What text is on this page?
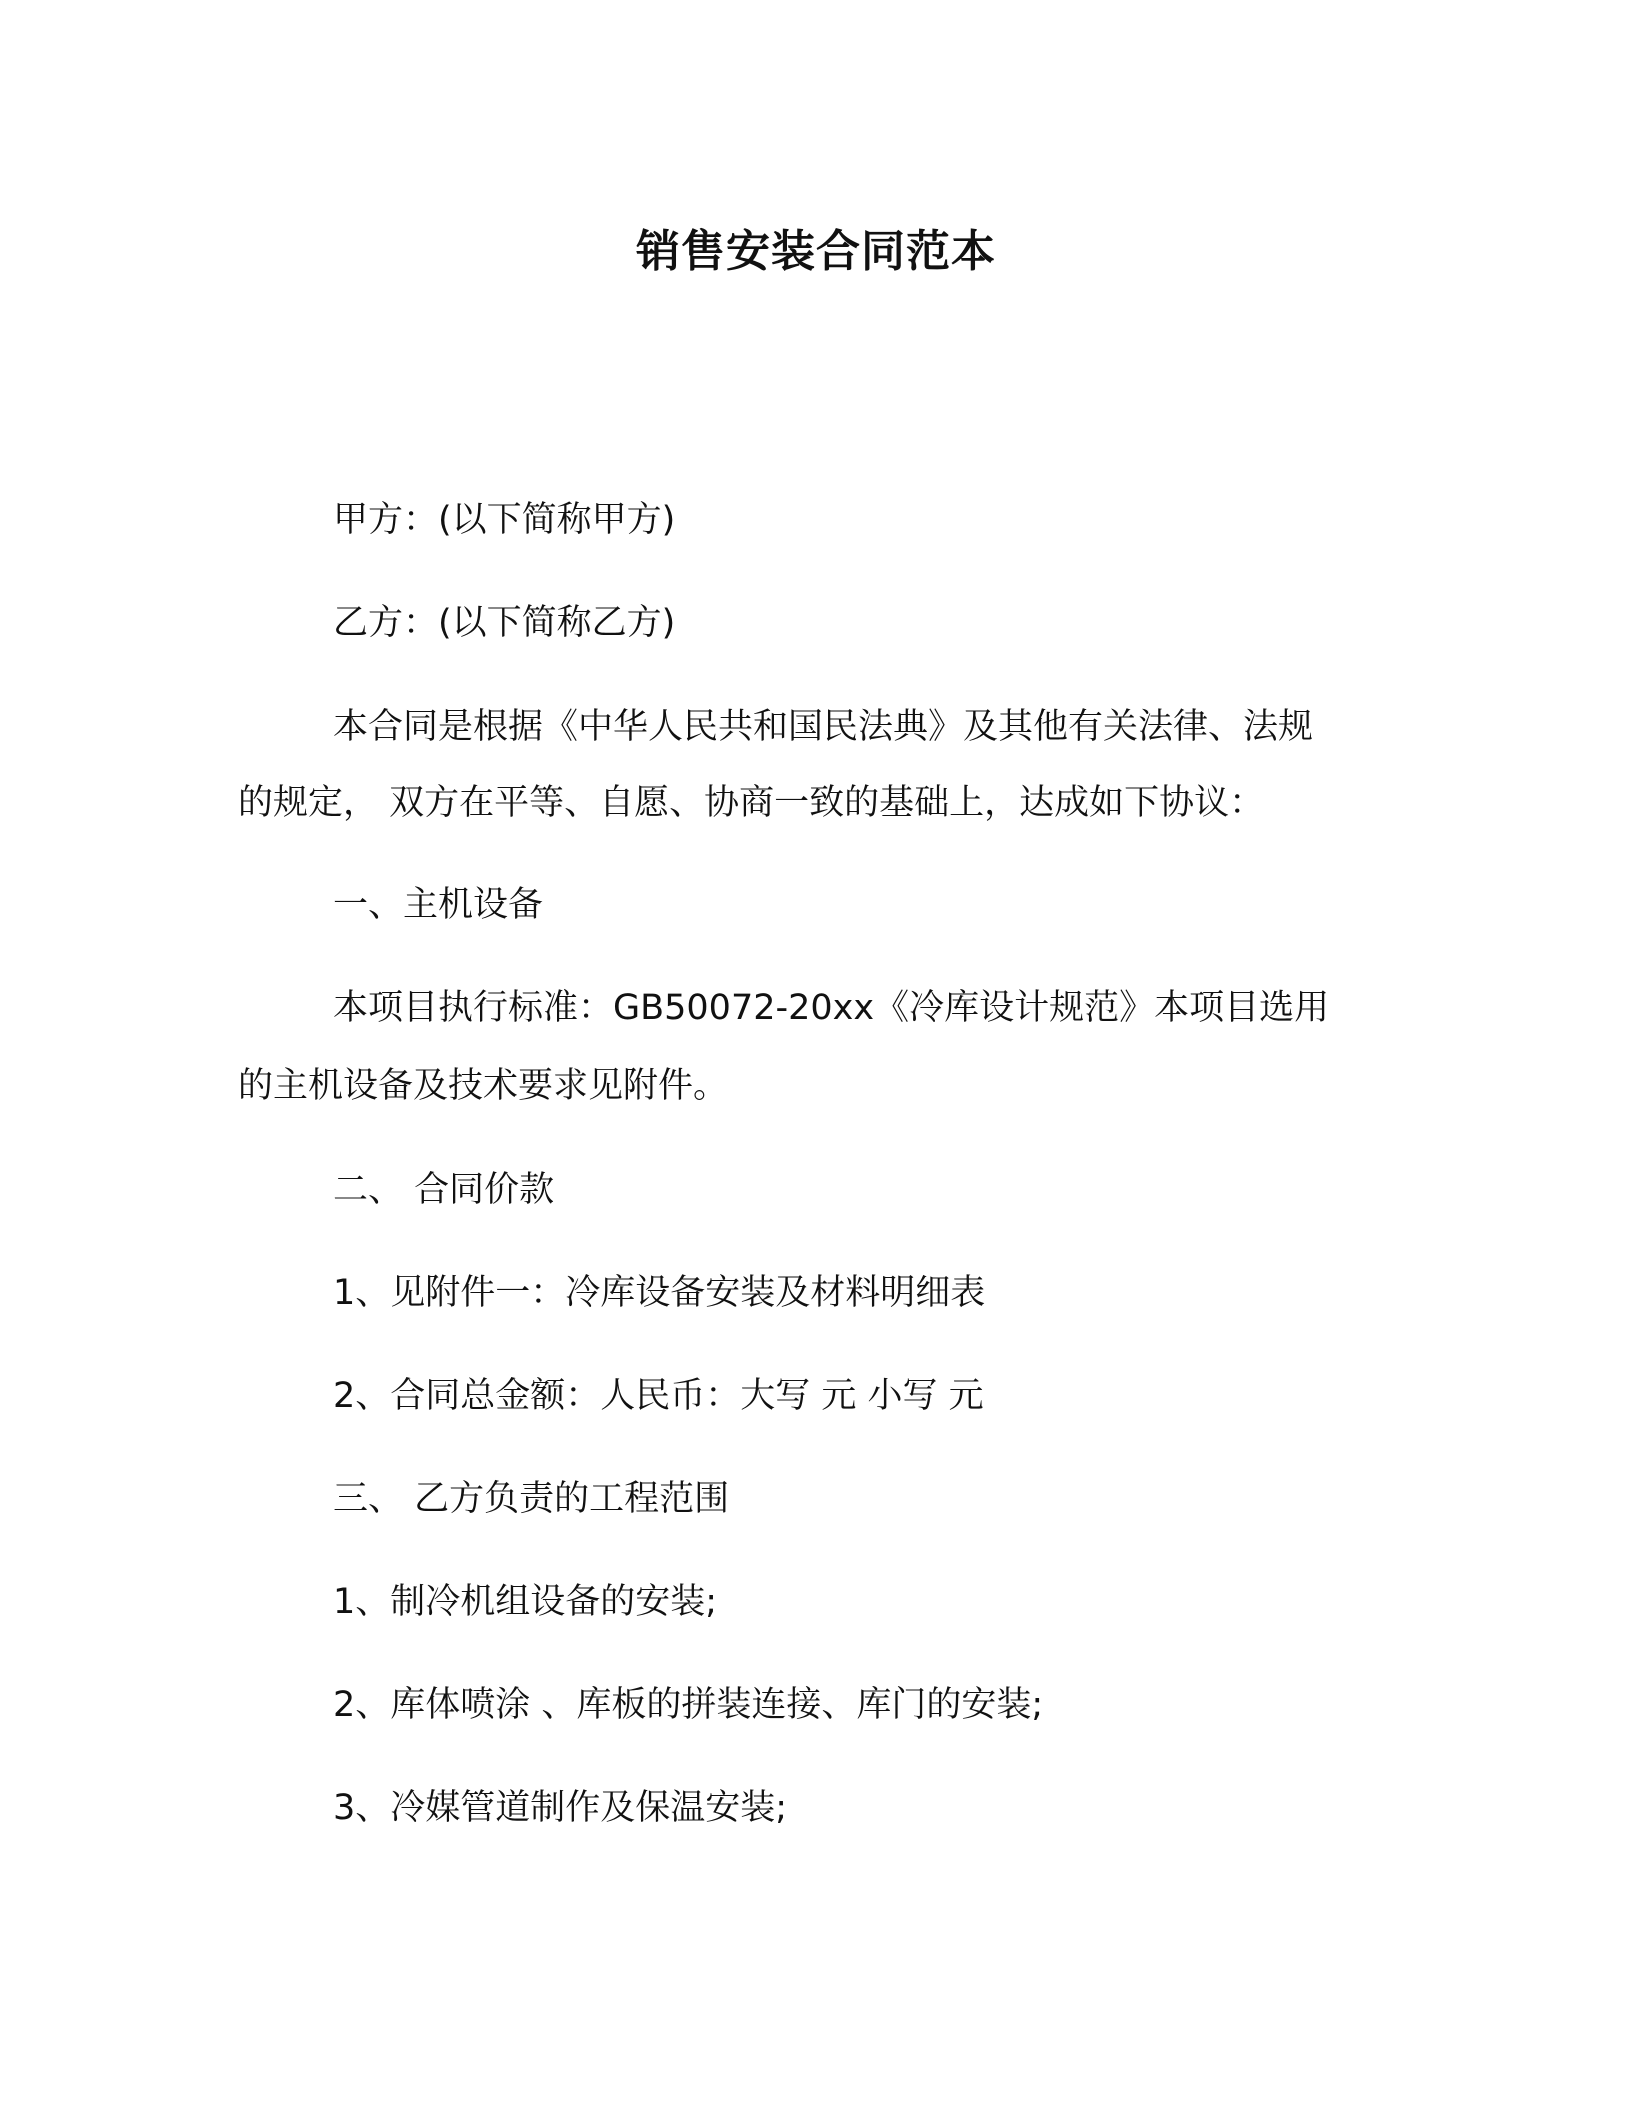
销售安装合同范本
甲方：(以下简称甲方)
乙方：(以下简称乙方)
本合同是根据《中华人民共和国民法典》及其他有关法律、法规
的规定， 双方在平等、自愿、协商一致的基础上，达成如下协议：
一、主机设备
本项目执行标准：GB50072-20xx《冷库设计规范》本项目选用
的主机设备及技术要求见附件。
二、 合同价款
1、见附件一：冷库设备安装及材料明细表
2、合同总金额：人民币：大写 元 小写 元
三、 乙方负责的工程范围
1、制冷机组设备的安装;
2、库体喷涂 、库板的拼装连接、库门的安装;
3、冷媒管道制作及保温安装;
